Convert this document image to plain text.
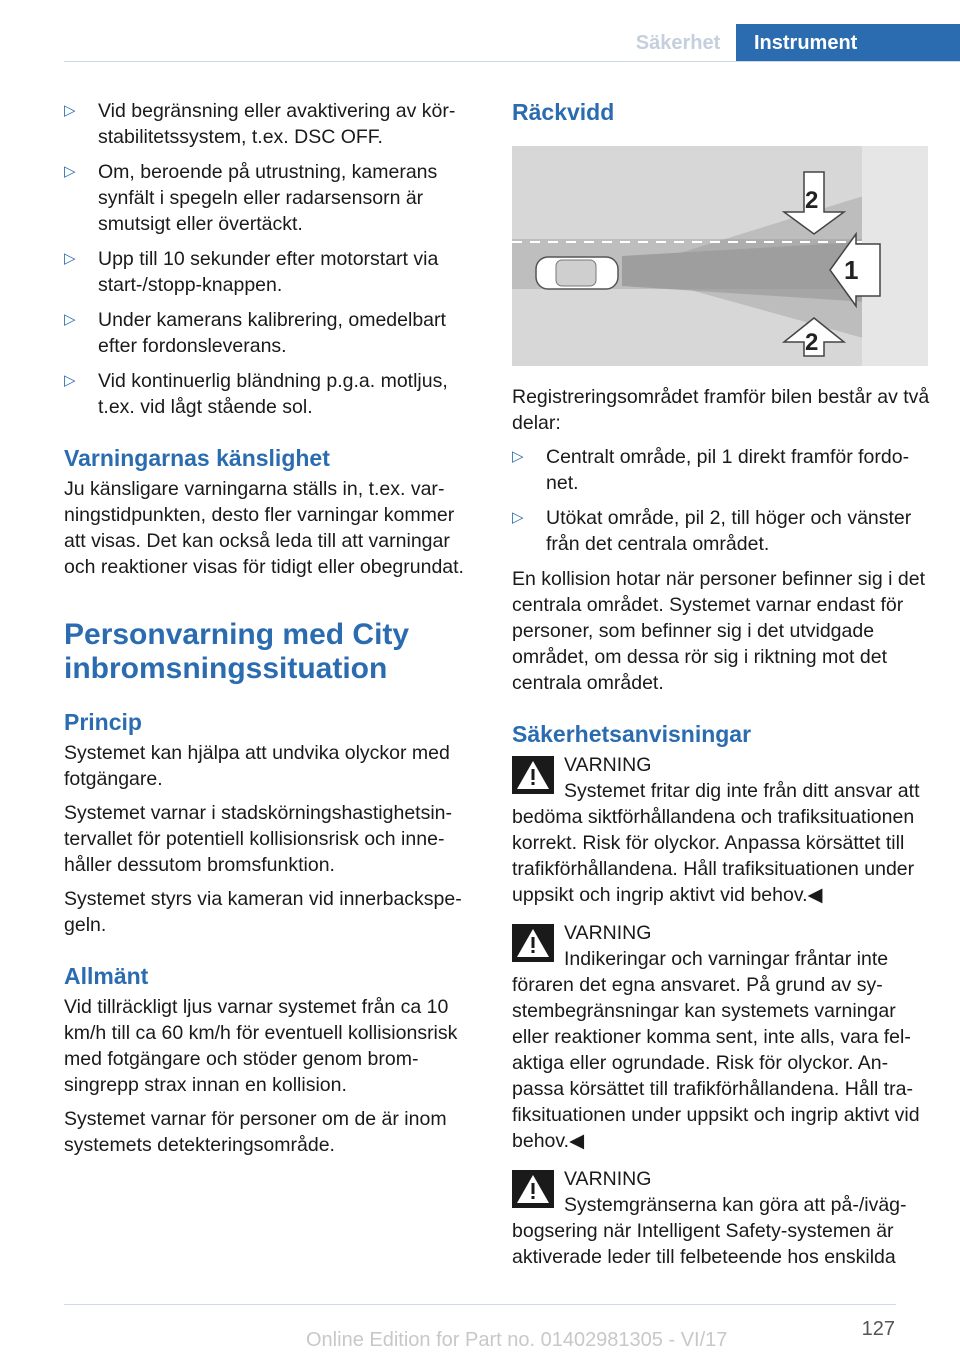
Säkerhet	Instrument
▷ Vid begränsning eller avaktivering av körstabilitetssystem, t.ex. DSC OFF.
▷ Om, beroende på utrustning, kamerans synfält i spegeln eller radarsensorn är smutsigt eller övertäckt.
▷ Upp till 10 sekunder efter motorstart via start-/stopp-knappen.
▷ Under kamerans kalibrering, omedelbart efter fordonsleverans.
▷ Vid kontinuerlig bländning p.g.a. motljus, t.ex. vid lågt stående sol.
Varningarnas känslighet

Ju känsligare varningarna ställs in, t.ex. varningstidpunkten, desto fler varningar kommer att visas. Det kan också leda till att varningar och reaktioner visas för tidigt eller obegrundat.

Personvarning med City inbromsningssituation
Princip

Systemet kan hjälpa att undvika olyckor med fotgängare.

Systemet varnar i stadskörningshastighetsintervallet för potentiell kollisionsrisk och innehåller dessutom bromsfunktion.

Systemet styrs via kameran vid innerbackspegeln.

Allmänt

Vid tillräckligt ljus varnar systemet från ca 10 km/h till ca 60 km/h för eventuell kollisionsrisk med fotgängare och stöder genom bromsingrepp strax innan en kollision.

Systemet varnar för personer om de är inom systemets detekteringsområde.

Räckvidd
1
2
2

Registreringsområdet framför bilen består av två delar:

▷ Centralt område, pil 1 direkt framför fordonet.
▷ Utökat område, pil 2, till höger och vänster från det centrala området.

En kollision hotar när personer befinner sig i det centrala området. Systemet varnar endast för personer, som befinner sig i det utvidgade området, om dessa rör sig i riktning mot det centrala området.

Säkerhetsanvisningar
VARNING
Systemet fritar dig inte från ditt ansvar att bedöma siktförhållandena och trafiksituationen korrekt. Risk för olyckor. Anpassa körsättet till trafikförhållandena. Håll trafiksituationen under uppsikt och ingrip aktivt vid behov.◀
VARNING
Indikeringar och varningar fråntar inte föraren det egna ansvaret. På grund av systembegränsningar kan systemets varningar eller reaktioner komma sent, inte alls, vara felaktiga eller ogrundade. Risk för olyckor. Anpassa körsättet till trafikförhållandena. Håll trafiksituationen under uppsikt och ingrip aktivt vid behov.◀
VARNING
Systemgränserna kan göra att på-/ivägbogsering när Intelligent Safety-systemen är aktiverade leder till felbeteende hos enskilda
127
Online Edition for Part no. 01402981305 - VI/17
